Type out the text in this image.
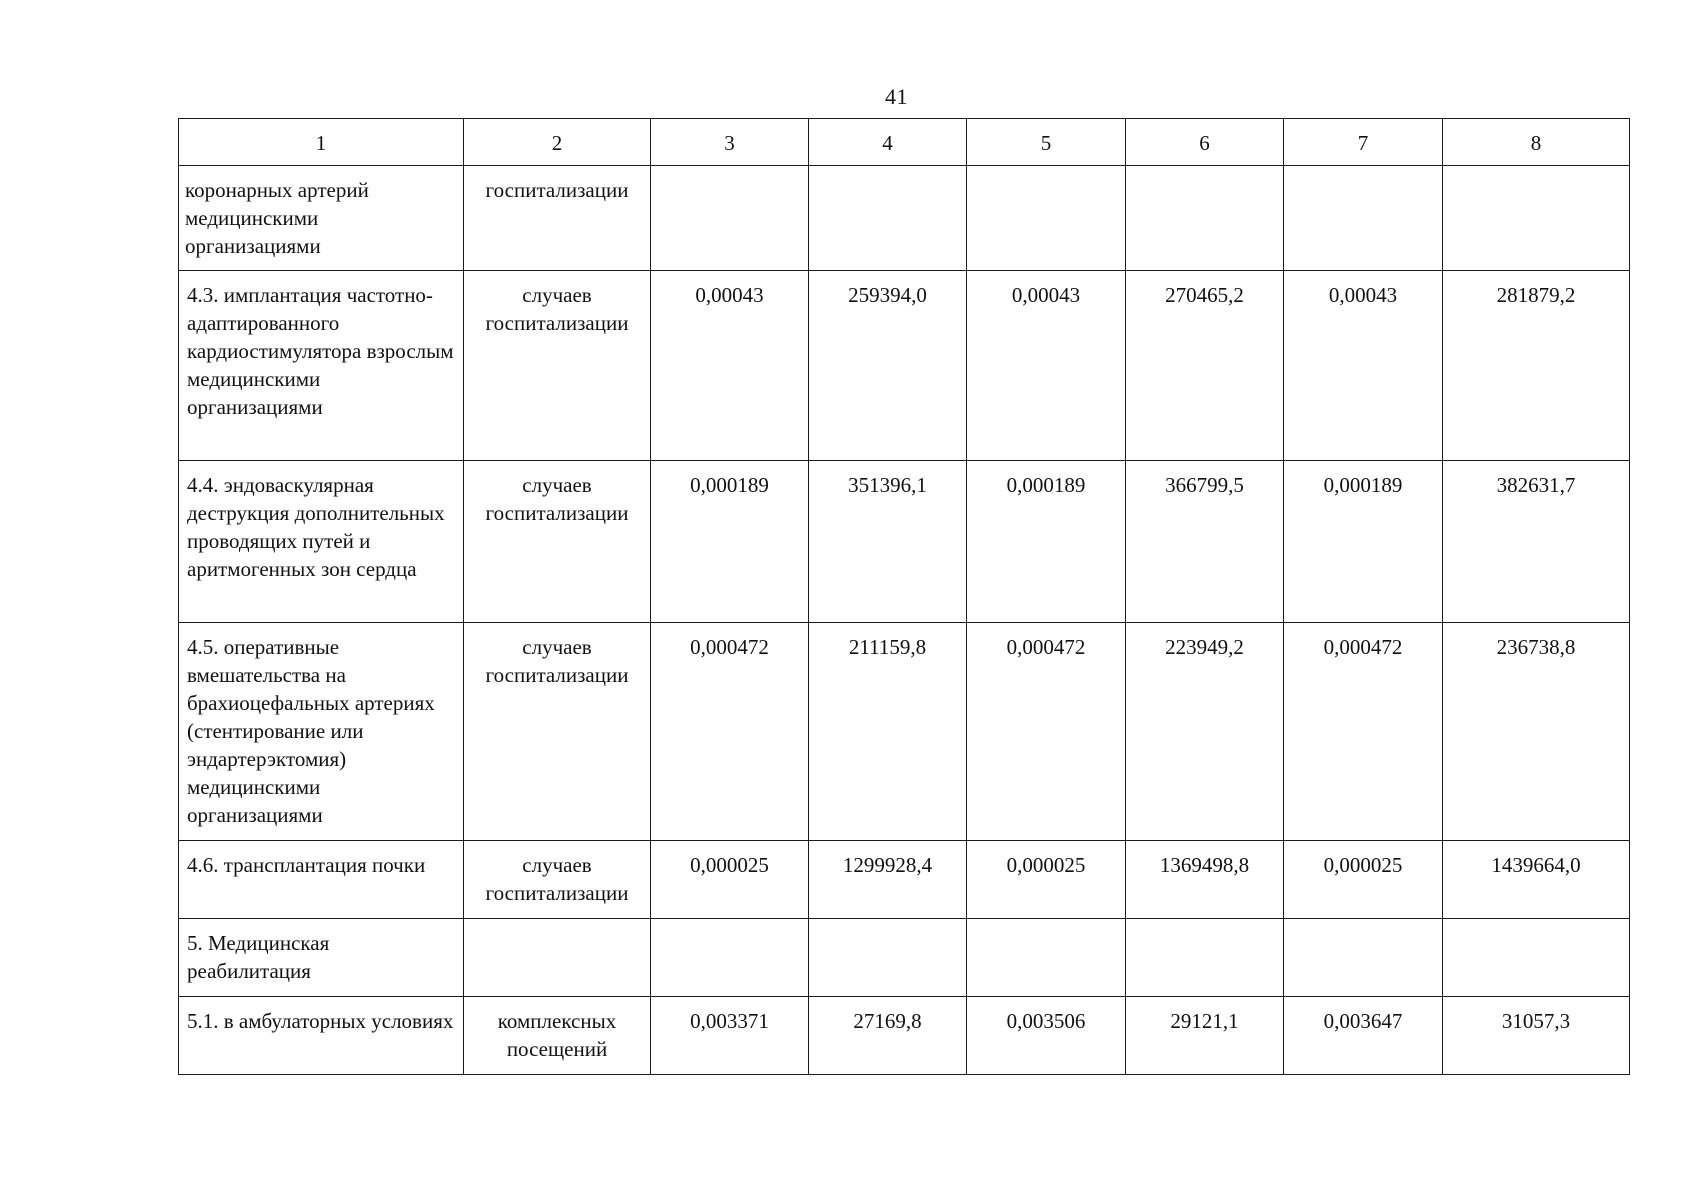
41
1	2	3	4	5	6	7	8
коронарных артерий медицинскими организациями	госпитализации						
4.3. имплантация частотно-адаптированного кардиостимулятора взрослым медицинскими организациями	случаев госпитализации	0,00043	259394,0	0,00043	270465,2	0,00043	281879,2
4.4. эндоваскулярная деструкция дополнительных проводящих путей и аритмогенных зон сердца	случаев госпитализации	0,000189	351396,1	0,000189	366799,5	0,000189	382631,7
4.5. оперативные вмешательства на брахиоцефальных артериях (стентирование или эндартерэктомия) медицинскими организациями	случаев госпитализации	0,000472	211159,8	0,000472	223949,2	0,000472	236738,8
4.6. трансплантация почки	случаев госпитализации	0,000025	1299928,4	0,000025	1369498,8	0,000025	1439664,0
5. Медицинская реабилитация							
5.1. в амбулаторных условиях	комплексных посещений	0,003371	27169,8	0,003506	29121,1	0,003647	31057,3
